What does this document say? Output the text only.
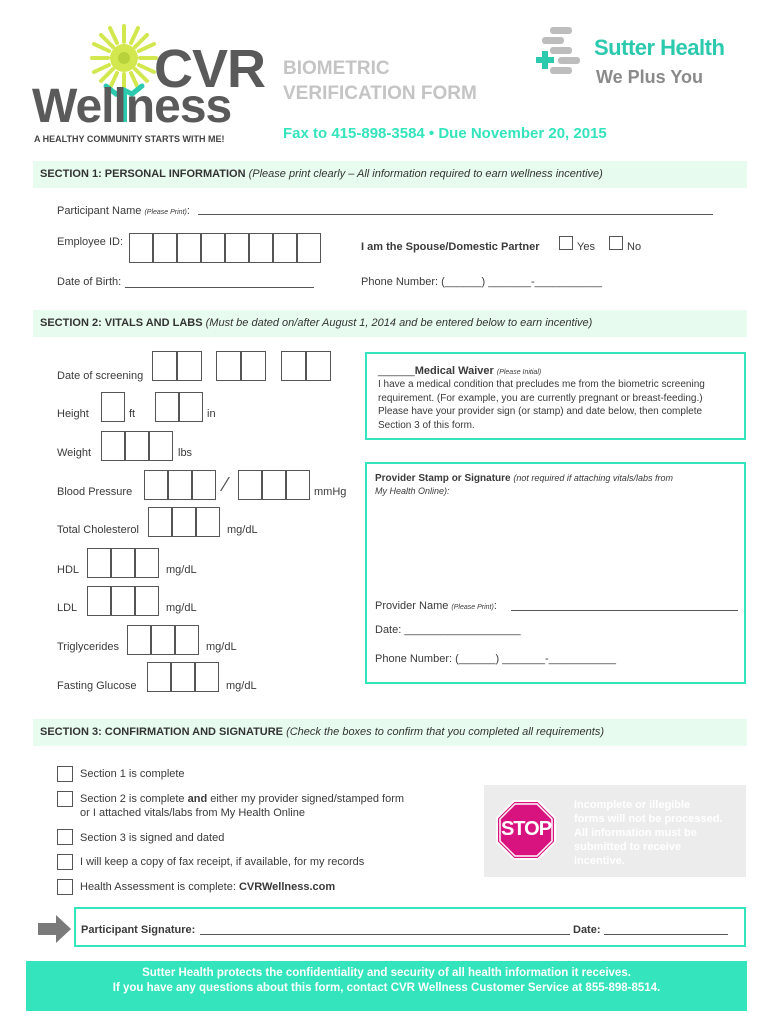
CVR
Wellness
A HEALTHY COMMUNITY STARTS WITH ME!
BIOMETRIC
VERIFICATION FORM
Sutter Health
We Plus You
Fax to 415-898-3584 • Due November 20, 2015
SECTION 1: PERSONAL INFORMATION (Please print clearly – All information required to earn wellness incentive)
Participant Name (Please Print):
Employee ID:	I am the Spouse/Domestic Partner	Yes	No
Date of Birth:	Phone Number: (______) _______-___________
SECTION 2: VITALS AND LABS (Must be dated on/after August 1, 2014 and be entered below to earn incentive)
Date of screening
Height	ft	in
Weight	lbs
Blood Pressure	⁄	mmHg
Total Cholesterol	mg/dL
HDL	mg/dL
LDL	mg/dL
Triglycerides	mg/dL
Fasting Glucose	mg/dL
______Medical Waiver (Please Initial)
I have a medical condition that precludes me from the biometric screening
requirement. (For example, you are currently pregnant or breast-feeding.)
Please have your provider sign (or stamp) and date below, then complete
Section 3 of this form.
Provider Stamp or Signature (not required if attaching vitals/labs from
My Health Online):
Provider Name (Please Print):
Date: ___________________
Phone Number: (______) _______-___________
SECTION 3: CONFIRMATION AND SIGNATURE (Check the boxes to confirm that you completed all requirements)
Section 1 is complete
Section 2 is complete and either my provider signed/stamped form
or I attached vitals/labs from My Health Online
Section 3 is signed and dated
I will keep a copy of fax receipt, if available, for my records
Health Assessment is complete: CVRWellness.com
STOP
Incomplete or illegible
forms will not be processed.
All information must be
submitted to receive
incentive.
Participant Signature:	Date:
Sutter Health protects the confidentiality and security of all health information it receives.
If you have any questions about this form, contact CVR Wellness Customer Service at 855-898-8514.
